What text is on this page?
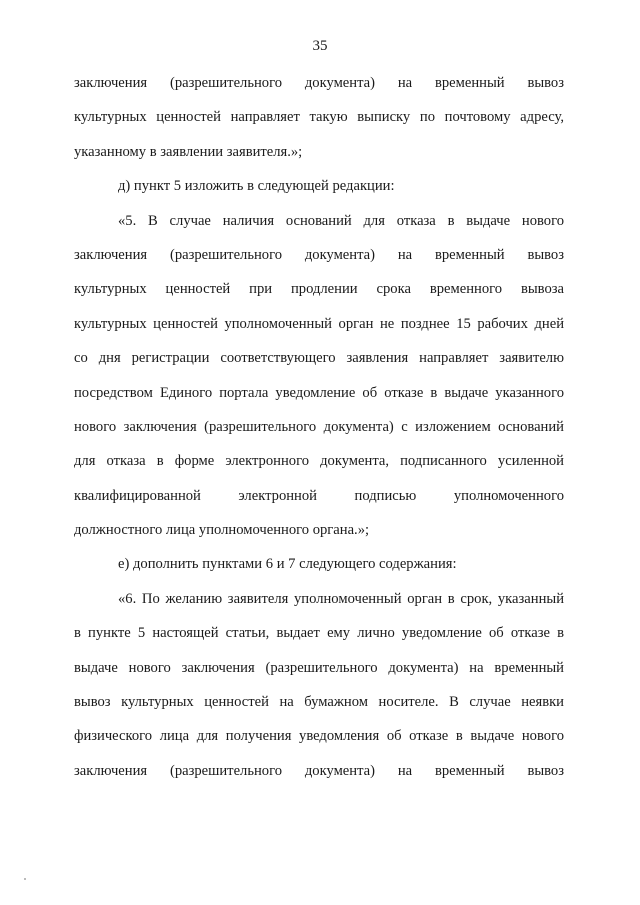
35
заключения (разрешительного документа) на временный вывоз
культурных ценностей направляет такую выписку по почтовому адресу,
указанному в заявлении заявителя.»;
д) пункт 5 изложить в следующей редакции:
«5. В случае наличия оснований для отказа в выдаче нового
заключения (разрешительного документа) на временный вывоз
культурных ценностей при продлении срока временного вывоза
культурных ценностей уполномоченный орган не позднее 15 рабочих дней
со дня регистрации соответствующего заявления направляет заявителю
посредством Единого портала уведомление об отказе в выдаче указанного
нового заключения (разрешительного документа) с изложением оснований
для отказа в форме электронного документа, подписанного усиленной
квалифицированной электронной подписью уполномоченного
должностного лица уполномоченного органа.»;
е) дополнить пунктами 6 и 7 следующего содержания:
«6. По желанию заявителя уполномоченный орган в срок, указанный
в пункте 5 настоящей статьи, выдает ему лично уведомление об отказе в
выдаче нового заключения (разрешительного документа) на временный
вывоз культурных ценностей на бумажном носителе. В случае неявки
физического лица для получения уведомления об отказе в выдаче нового
заключения (разрешительного документа) на временный вывоз
